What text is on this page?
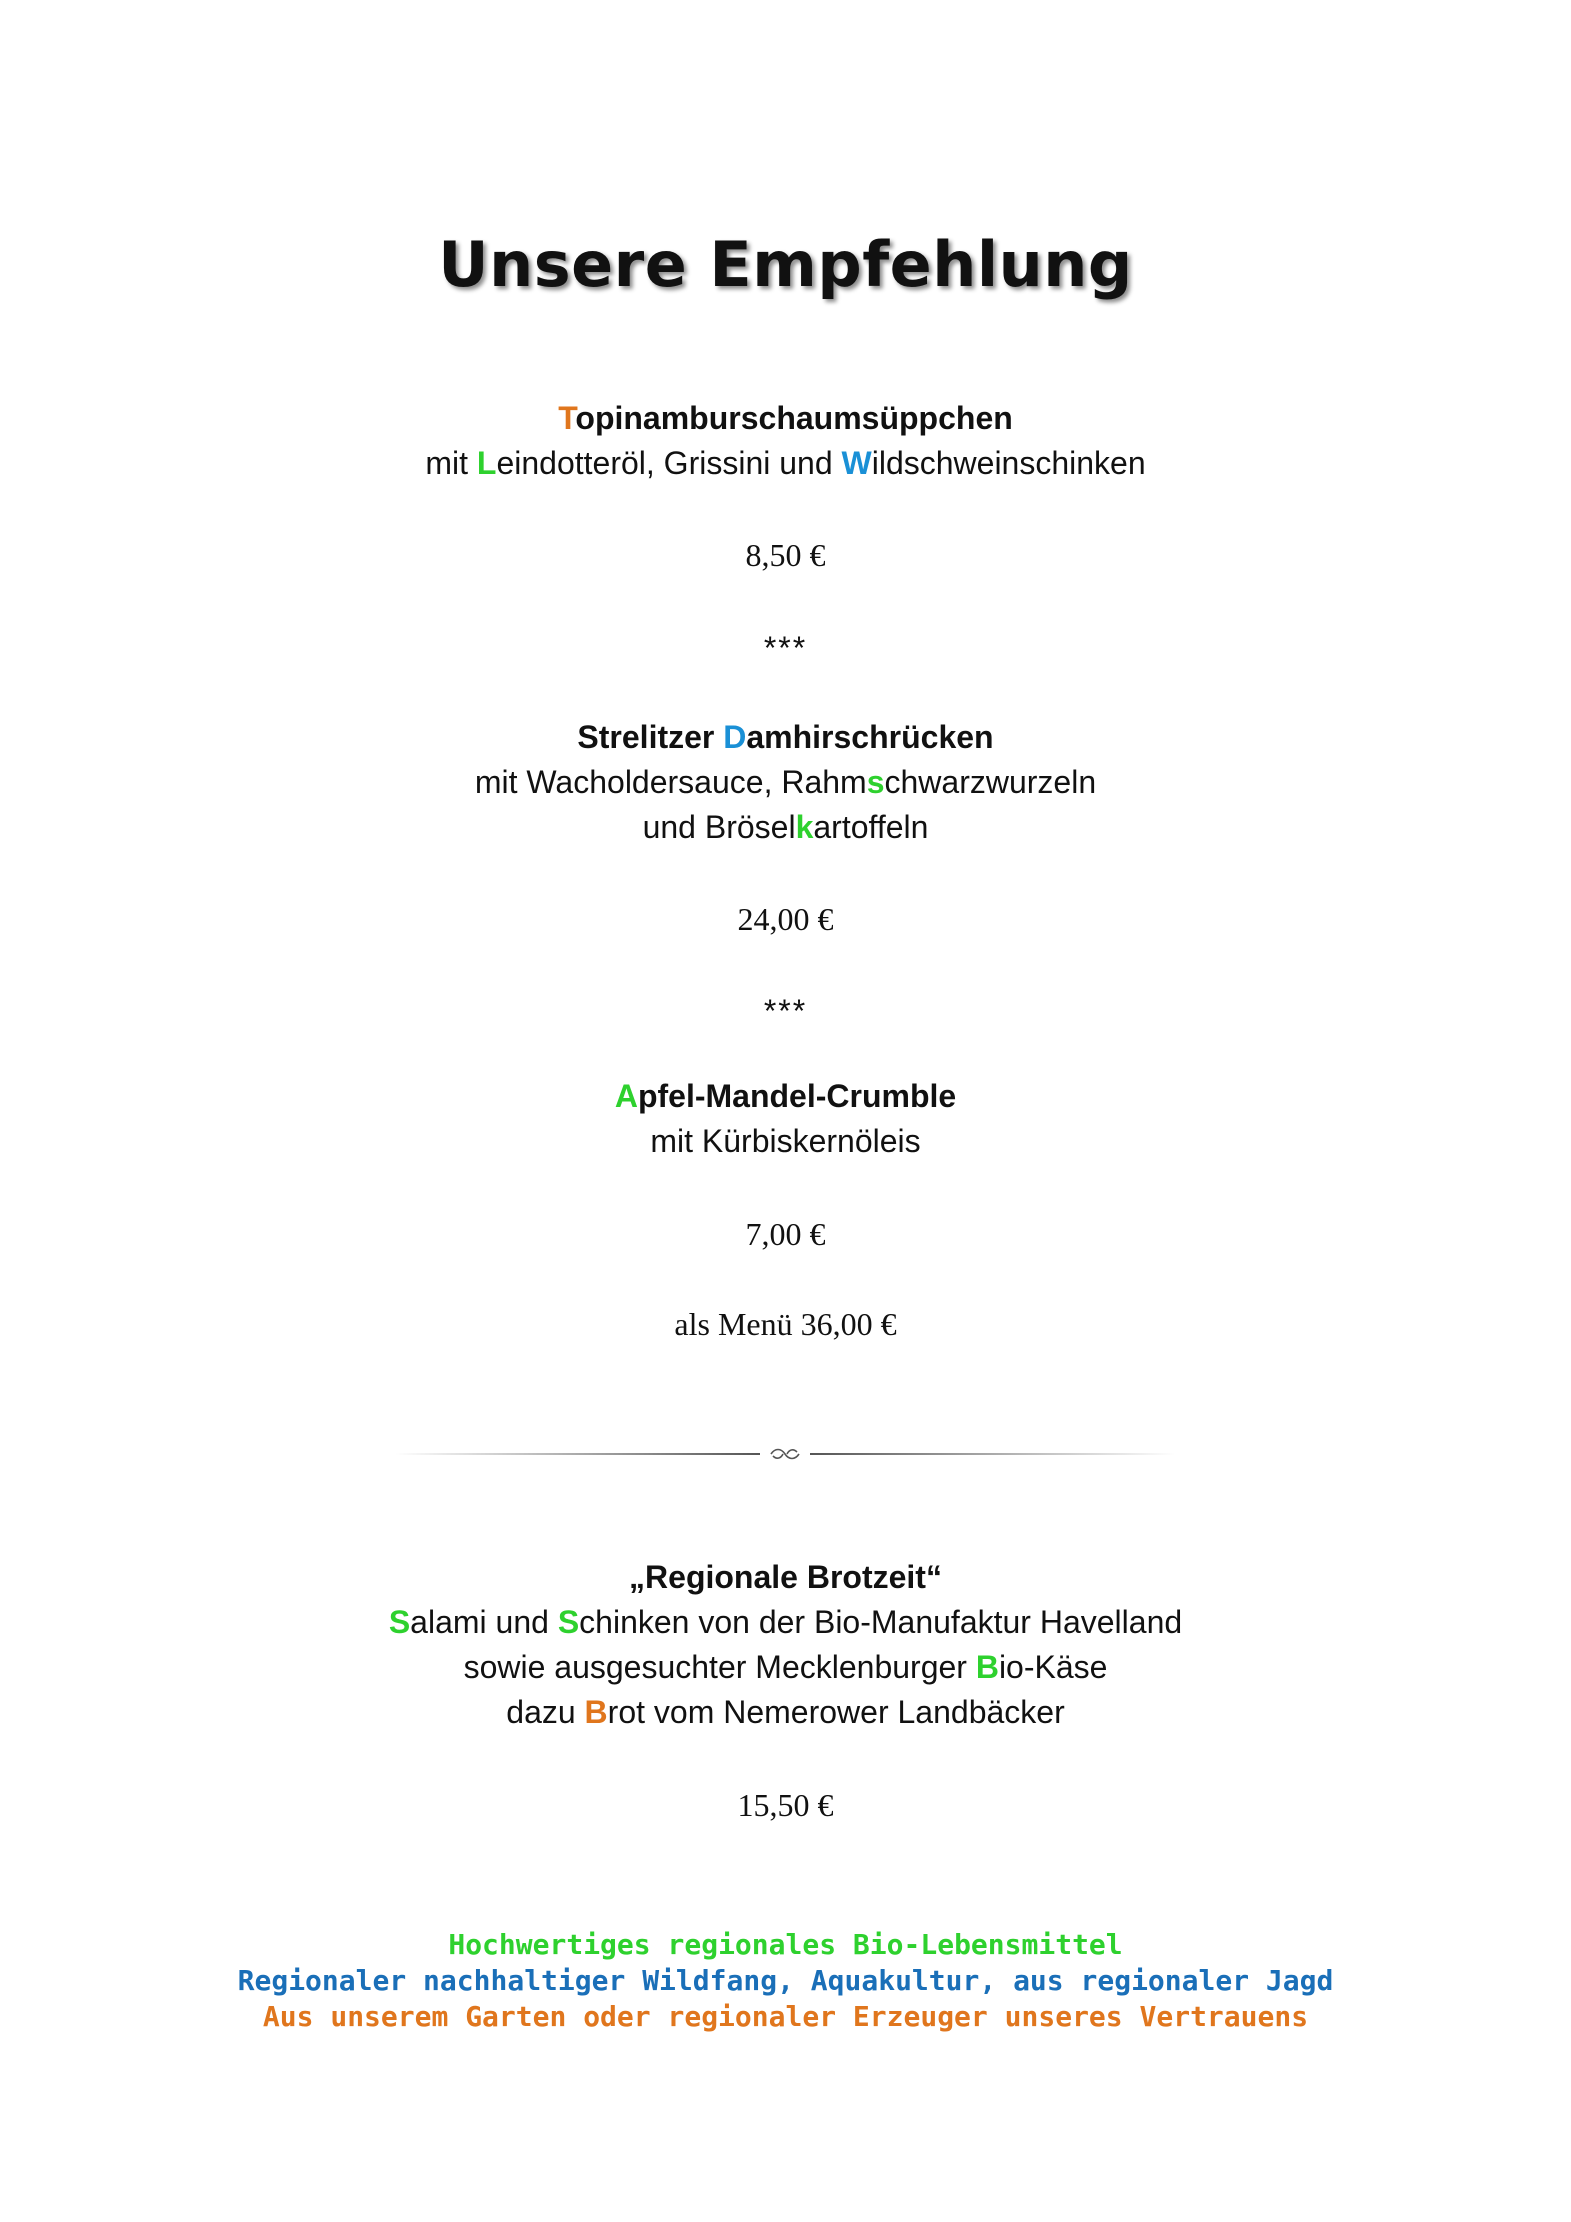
Unsere Empfehlung
Topinamburschaumsüppchen
mit Leindotteröl, Grissini und Wildschweinschinken
8,50 €
***
Strelitzer Damhirschrücken
mit Wacholdersauce, Rahmschwarzwurzeln
und Bröselkartoffeln
24,00 €
***
Apfel-Mandel-Crumble
mit Kürbiskernöleis
7,00 €
als Menü 36,00 €
„Regionale Brotzeit“
Salami und Schinken von der Bio-Manufaktur Havelland
sowie ausgesuchter Mecklenburger Bio-Käse
dazu Brot vom Nemerower Landbäcker
15,50 €
Hochwertiges regionales Bio-Lebensmittel
Regionaler nachhaltiger Wildfang, Aquakultur, aus regionaler Jagd
Aus unserem Garten oder regionaler Erzeuger unseres Vertrauens
